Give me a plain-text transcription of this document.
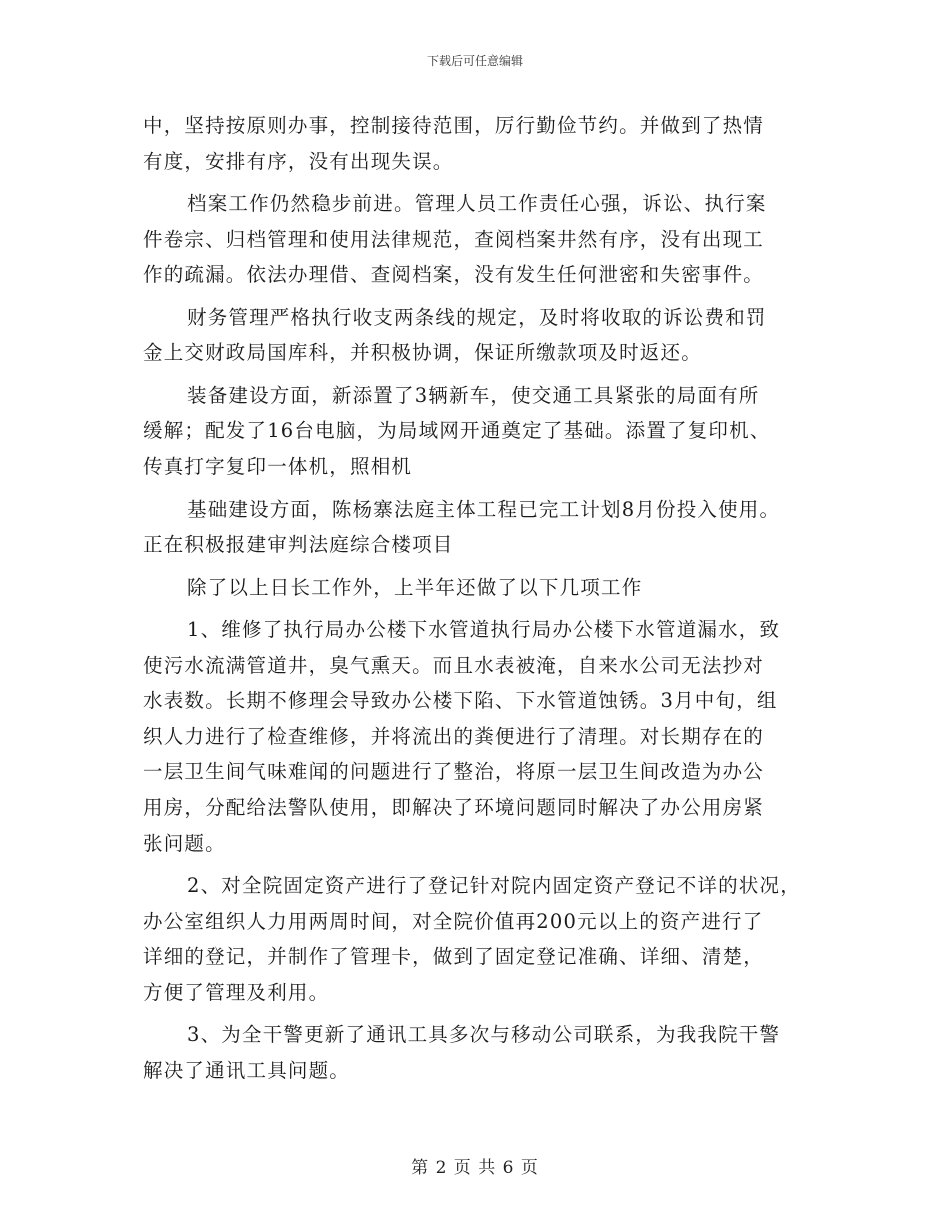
下载后可任意编辑
中，坚持按原则办事，控制接待范围，厉行勤俭节约。并做到了热情
有度，安排有序，没有出现失误。
档案工作仍然稳步前进。管理人员工作责任心强，诉讼、执行案
件卷宗、归档管理和使用法律规范，查阅档案井然有序，没有出现工
作的疏漏。依法办理借、查阅档案，没有发生任何泄密和失密事件。
财务管理严格执行收支两条线的规定，及时将收取的诉讼费和罚
金上交财政局国库科，并积极协调，保证所缴款项及时返还。
装备建设方面，新添置了3辆新车，使交通工具紧张的局面有所
缓解；配发了16台电脑，为局域网开通奠定了基础。添置了复印机、
传真打字复印一体机，照相机
基础建设方面，陈杨寨法庭主体工程已完工计划8月份投入使用。
正在积极报建审判法庭综合楼项目
除了以上日长工作外，上半年还做了以下几项工作
1、维修了执行局办公楼下水管道执行局办公楼下水管道漏水，致
使污水流满管道井，臭气熏天。而且水表被淹，自来水公司无法抄对
水表数。长期不修理会导致办公楼下陷、下水管道蚀锈。3月中旬，组
织人力进行了检查维修，并将流出的粪便进行了清理。对长期存在的
一层卫生间气味难闻的问题进行了整治，将原一层卫生间改造为办公
用房，分配给法警队使用，即解决了环境问题同时解决了办公用房紧
张问题。
2、对全院固定资产进行了登记针对院内固定资产登记不详的状况，
办公室组织人力用两周时间，对全院价值再200元以上的资产进行了
详细的登记，并制作了管理卡，做到了固定登记准确、详细、清楚，
方便了管理及利用。
3、为全干警更新了通讯工具多次与移动公司联系，为我我院干警
解决了通讯工具问题。
第 2 页 共 6 页
